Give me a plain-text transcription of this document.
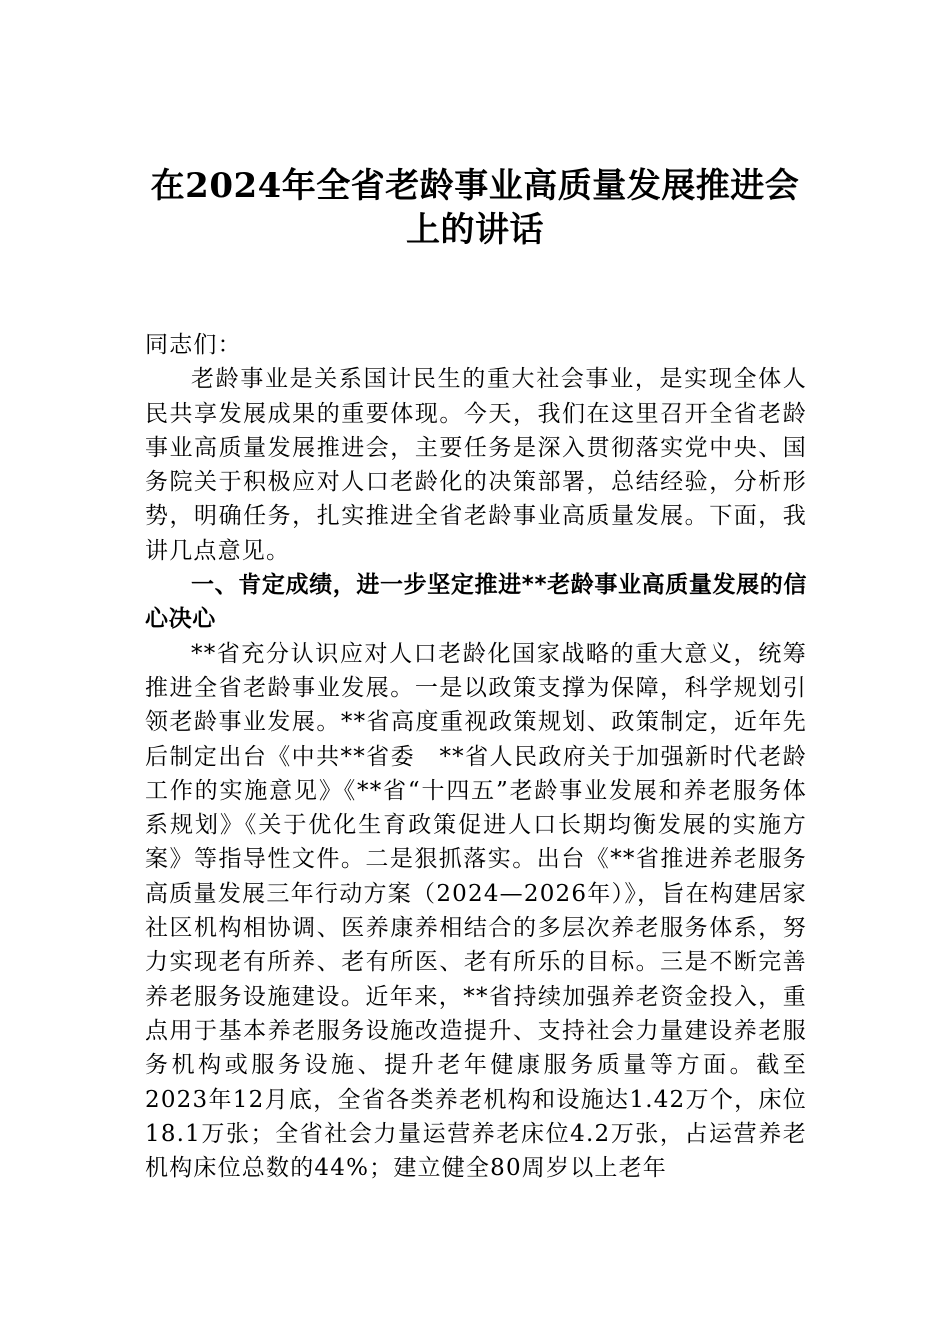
在2024年全省老龄事业高质量发展推进会
上的讲话

同志们：

老龄事业是关系国计民生的重大社会事业，是实现全体人民共享发展成果的重要体现。今天，我们在这里召开全省老龄事业高质量发展推进会，主要任务是深入贯彻落实党中央、国务院关于积极应对人口老龄化的决策部署，总结经验，分析形势，明确任务，扎实推进全省老龄事业高质量发展。下面，我讲几点意见。

一、肯定成绩，进一步坚定推进**老龄事业高质量发展的信心决心

**省充分认识应对人口老龄化国家战略的重大意义，统筹推进全省老龄事业发展。一是以政策支撑为保障，科学规划引领老龄事业发展。**省高度重视政策规划、政策制定，近年先后制定出台《中共**省委　**省人民政府关于加强新时代老龄工作的实施意见》《**省“十四五”老龄事业发展和养老服务体系规划》《关于优化生育政策促进人口长期均衡发展的实施方案》等指导性文件。二是狠抓落实。出台《**省推进养老服务高质量发展三年行动方案（2024—2026年）》，旨在构建居家社区机构相协调、医养康养相结合的多层次养老服务体系，努力实现老有所养、老有所医、老有所乐的目标。三是不断完善养老服务设施建设。近年来，**省持续加强养老资金投入，重点用于基本养老服务设施改造提升、支持社会力量建设养老服务机构或服务设施、提升老年健康服务质量等方面。截至2023年12月底，全省各类养老机构和设施达1.42万个，床位18.1万张；全省社会力量运营养老床位4.2万张，占运营养老机构床位总数的44%；建立健全80周岁以上老年
